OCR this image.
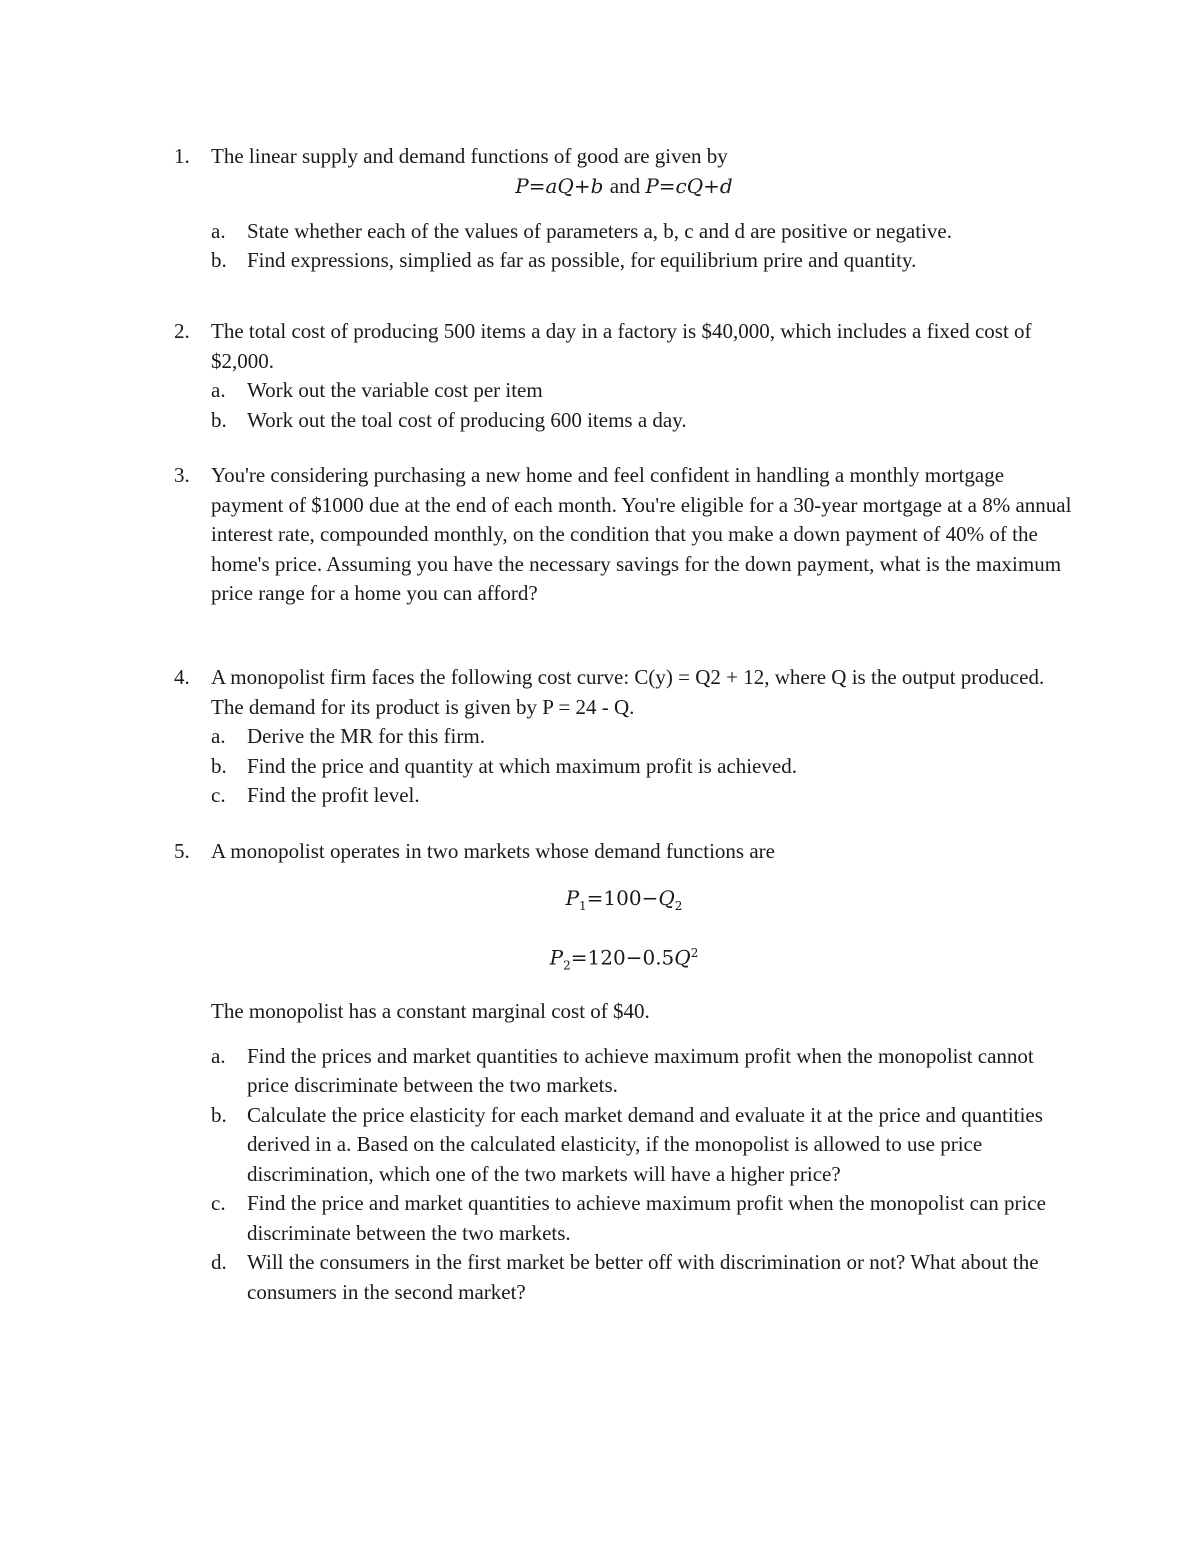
1.	The linear supply and demand functions of good are given by
P=aQ+b and P=cQ+d
a.	State whether each of the values of parameters a, b, c and d are positive or negative.
b. Find expressions, simplied as far as possible, for equilibrium prire and quantity.
2.	The total cost of producing 500 items a day in a factory is $40,000, which includes a fixed cost of $2,000.
a.	Work out the variable cost per item
b. Work out the toal cost of producing 600 items a day.
3.	You're considering purchasing a new home and feel confident in handling a monthly mortgage payment of $1000 due at the end of each month. You're eligible for a 30-year mortgage at a 8% annual interest rate, compounded monthly, on the condition that you make a down payment of 40% of the home's price. Assuming you have the necessary savings for the down payment, what is the maximum price range for a home you can afford?
4.	A monopolist firm faces the following cost curve: C(y) = Q2 + 12, where Q is the output produced. The demand for its product is given by P = 24 - Q.
a.	Derive the MR for this firm.
b. Find the price and quantity at which maximum profit is achieved.
c.	Find the profit level.
5.	A monopolist operates in two markets whose demand functions are
$P_1=100-Q_2$
$P_2=120-0.5Q^2$
The monopolist has a constant marginal cost of $40.
a.	Find the prices and market quantities to achieve maximum profit when the monopolist cannot price discriminate between the two markets.
b. Calculate the price elasticity for each market demand and evaluate it at the price and quantities derived in a. Based on the calculated elasticity, if the monopolist is allowed to use price discrimination, which one of the two markets will have a higher price?
c.	Find the price and market quantities to achieve maximum profit when the monopolist can price discriminate between the two markets.
d. Will the consumers in the first market be better off with discrimination or not? What about the consumers in the second market?
